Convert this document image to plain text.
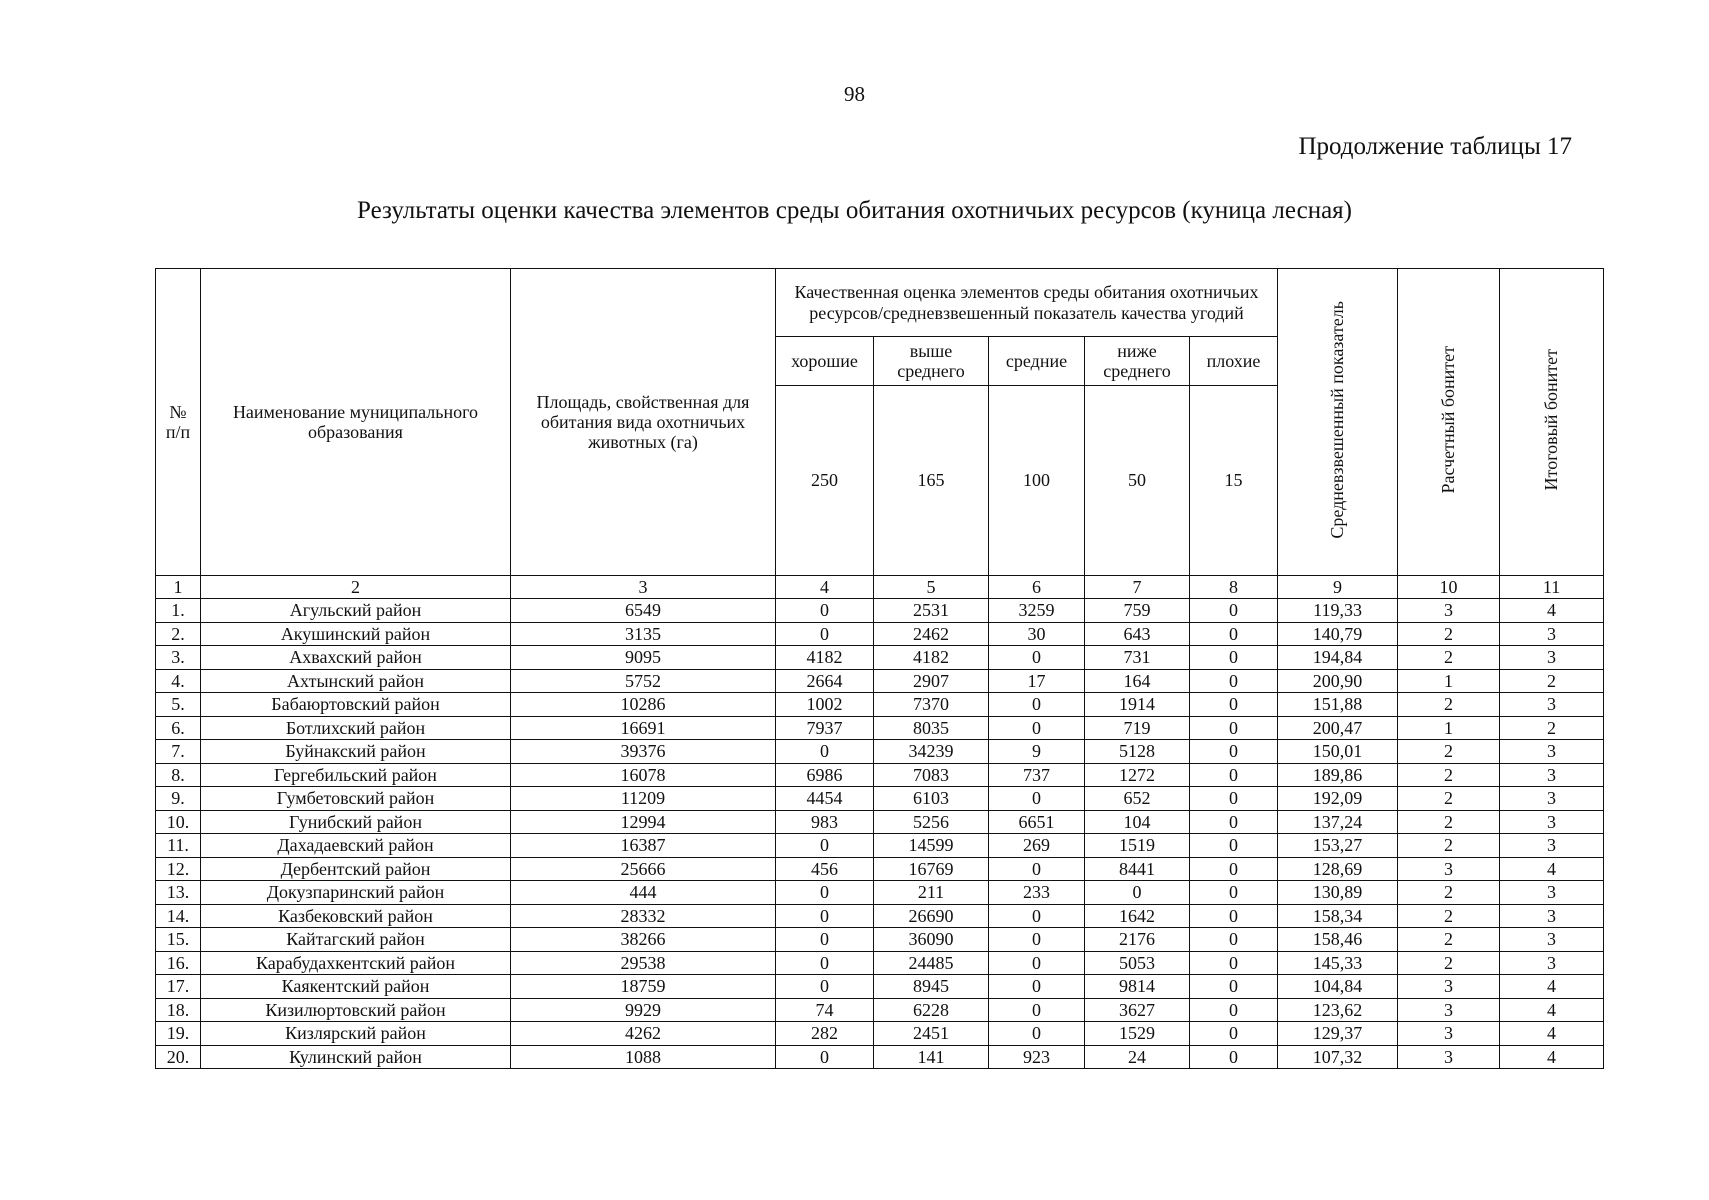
98
Продолжение таблицы 17
Результаты оценки качества элементов среды обитания охотничьих ресурсов (куница лесная)
№ п/п	Наименование муниципального образования	Площадь, свойственная для обитания вида охотничьих животных (га)	Качественная оценка элементов среды обитания охотничьих ресурсов/средневзвешенный показатель качества угодий					Средневзвешенный показатель	Расчетный бонитет	Итоговый бонитет
			хорошие	выше среднего	средние	ниже среднего	плохие			
			250	165	100	50	15			
1	2	3	4	5	6	7	8	9	10	11
1.	Агульский район	6549	0	2531	3259	759	0	119,33	3	4
2.	Акушинский район	3135	0	2462	30	643	0	140,79	2	3
3.	Ахвахский район	9095	4182	4182	0	731	0	194,84	2	3
4.	Ахтынский район	5752	2664	2907	17	164	0	200,90	1	2
5.	Бабаюртовский район	10286	1002	7370	0	1914	0	151,88	2	3
6.	Ботлихский район	16691	7937	8035	0	719	0	200,47	1	2
7.	Буйнакский район	39376	0	34239	9	5128	0	150,01	2	3
8.	Гергебильский район	16078	6986	7083	737	1272	0	189,86	2	3
9.	Гумбетовский район	11209	4454	6103	0	652	0	192,09	2	3
10.	Гунибский район	12994	983	5256	6651	104	0	137,24	2	3
11.	Дахадаевский район	16387	0	14599	269	1519	0	153,27	2	3
12.	Дербентский район	25666	456	16769	0	8441	0	128,69	3	4
13.	Докузпаринский район	444	0	211	233	0	0	130,89	2	3
14.	Казбековский район	28332	0	26690	0	1642	0	158,34	2	3
15.	Кайтагский район	38266	0	36090	0	2176	0	158,46	2	3
16.	Карабудахкентский район	29538	0	24485	0	5053	0	145,33	2	3
17.	Каякентский район	18759	0	8945	0	9814	0	104,84	3	4
18.	Кизилюртовский район	9929	74	6228	0	3627	0	123,62	3	4
19.	Кизлярский район	4262	282	2451	0	1529	0	129,37	3	4
20.	Кулинский район	1088	0	141	923	24	0	107,32	3	4
